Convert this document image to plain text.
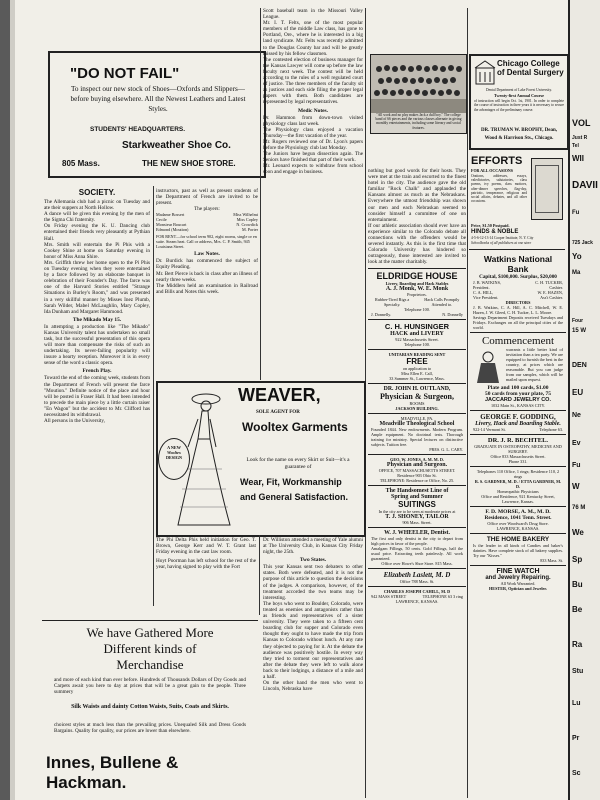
"DO NOT FAIL"
To inspect our new stock of Shoes—Oxfords and Slippers—before buying elsewhere. All the Newest Leathers and Latest Styles.
STUDENTS' HEADQUARTERS.
Starkweather Shoe Co.
805 Mass.	THE NEW SHOE STORE.
SOCIETY.

The Allemania club had a picnic on Tuesday and ate their suppers at North Hollow.

A dance will be given this evening by the men of the Sigma Chi fraternity.

On Friday evening the K. U. Dancing club entertained their friends very pleasantly at Pythian Hall.

Mrs. Smith will entertain the Pi Phis with a Cookey Shine at home on Saturday evening in honor of Miss Anna Shire.

Mrs. Griffith threw her home open to the Pi Phis on Tuesday evening when they were entertained by a farce followed by an elaborate banquet in celebration of their Founder's Day. The farce was one of the Harvard Stories entitled "Strange Situations in Burley's Room," and was presented in a very skillful manner by Misses Inez Plumb, Sarah Wilder, Mabel McLaughlin, Mary Copley, Ida Dunham and Margaret Hammond.

The Mikado May 15.

In attempting a production like "The Mikado" Kansas University talent has undertaken no small task, but the successful presentation of this opera will more than compensate the risks of such an undertaking. Its never-failing popularity will insure a hearty reception. Moreover it is in every sense of the word a classic opera.

French Play.

Toward the end of the coming week, students from the Department of French will present the farce "Moution." Definite notice of the place and hour will be posted in Fraser Hall. It had been intended to precede the main piece by a little curtain raiser "En Wagon" but the accident to Mr. Clifford has necessitated its withdrawal.

All persons in the University,

instructors, past as well as present students of the Department of French are invited to be present.

The players:

Madame Bossert	Miss Wilhelmi
Cecile	Miss Copley
Monsieur Boucart	N. Crowdick
Edmond (Moution)	M. Porter

FOR RENT—for school term 902, eight rooms, single or en suite. Steam heat. Call or address, Mrs. C. P. Smith, 945 Louisiana Street.

Law Notes.

Dr. Burdick has commenced the subject of Equity Pleading.

Mr. Bert Pierce is back in class after an illness of nearly three weeks.

The Middlers held an examination in Railroad and Bills and Notes this week.

Scott baseball team in the Missouri Valley League.

Mr. I. T. Felts, one of the most popular members of the middle Law class, has gone to Portland, Ore., where he is interested in a big land syndicate. Mr. Felts was recently admitted to the Douglas County bar and will be greatly missed by his fellow classmen.

The contested election of business manager for the Kansas Lawyer will come up before the law faculty next week. The contest will be held according to the rules of a well regulated court of justice. The three members of the faculty sit as justices and each side filing the proper legal papers with them. Both candidates are represented by legal representatives.

Medic Notes.

Dr. Hammon from down-town visited physiology class last week.

The Physiology class enjoyed a vacation Thursday—the first vacation of the year.

Mr. Rogers reviewed one of Dr. Lyon's papers before the Physiology club last Monday.

The Juniors have begun dissection again. The Seniors have finished that part of their work.

Mr. Leonard expects to withdraw from school soon and engage in business.

A NEW
Wooltex
DESIGN
WEAVER,
SOLE AGENT FOR
Wooltex Garments
Look for the name on every Skirt or Suit—it's a guarantee of
Wear, Fit, Workmanship and General Satisfaction.

The Phi Delta Phis held initiation for Geo. T. Brown, George Kerr and W. T. Grant last Friday evening in the cast law room.

Hoyt Poorman has left school for the rest of the year, having signed to play with the Fort

Dr. Williston attended a meeting of Yale alumni at The University Club, in Kansas City Friday night, the 25th.

Two States.

This year Kansas sent two debaters to other states. Both were defeated, and it is not the purpose of this article to question the decisions of the judges. A comparison, however, of the treatment accorded the two teams may be interesting.

The boys who went to Boulder, Colorado, were treated as enemies and antagonists rather than as friends and representatives of a sister university. They were taken to a fifteen cent boarding club for supper and Colorado even thought they ought to have made the trip from Kansas to Colorado without lunch. At any rate they objected to paying for it. At the debate the audience was positively hostile. In every way they tried to torment our representatives and after the debate they were left to walk alone back to their lodgings, a distance of a mile and a half.

On the other hand the men who went to Lincoln, Nebraska have

We have Gathered More
Different kinds of
Merchandise
and more of each kind than ever before. Hundreds of Thousands Dollars of Dry Goods and Carpets await you here to day at prices that will be a great gain to the people. Three summery
Silk Waists and dainty Cotton Waists, Suits, Coats and Skirts.
choicest styles at much less than the prevailing prices. Unequaled Silk and Dress Goods Bargains. Quality for quality, our prices are lower than elsewhere.
Innes, Bullene & Hackman.

nothing but good words for their hosts. They were met at the train and escorted to the finest hotel in the city. The audience gave the old familiar "Rock Chalk" and applauded the Kansans almost as much as the Nebraskans. Everywhere the utmost friendship was shown our men and each Nebraskan seemed to consider himself a committee of one on entertainment.

If our athletic association should ever have an experience similar to the Colorado debate all connections with the offenders would be severed instantly. As this is the first time that Colorado University has hindered so outrageously, those interested are invited to look at the matter charitably.

ELDRIDGE HOUSE
Livery, Boarding and Hack Stables
A. J. Monk, W. E. Monk
Proprietors.
Rubber-Tired Rigs a Specialty.
Hack Calls Promptly Attended to.
Telephone 100.
J. Donnelly.	N. Donnelly
C. H. HUNSINGER
HACK and LIVERY
922 Massachusetts Street.
Telephone 100.
UNITARIAN READING SENT
FREE
on application to
Miss Ellen E. Call,
33 Summer St., Lawrence, Mass.
DR. JOHN H. OUTLAND,
Physician & Surgeon,
ROOMS
JACKSON BUILDING.
MEADVILLE, PA.
Meadville Theological School
Founded 1844. New endowments. Modern Program. Ample equipment. No doctrinal tests. Thorough training for ministry. Special lectures on distinctive subjects. Tuition free.
PRES. G. L. CARY.
GEO. W. JONES, A. M. M. D.
Physician and Surgeon.
OFFICE, 707 MASSACHUSETTS STREET.
Residence 903 Ohio St.
TELEPHONE: Residence or Office, No. 25.
The Handsomest Line of
Spring and Summer
SUITINGS
In the city are to be seen at moderate prices at
T. J. SHONEY, TAILOR
906 Mass. Street.
W. J. WHEELER, Dentist.
The first and only dentist in the city to depart from high prices in favor of the people.
Amalgam Fillings, 50 cents. Gold Fillings, half the usual price. Extracting teeth painlessly. All work guaranteed.
Office over Howe's Shoe Store. 815 Mass.
Elizabeth Laslett, M. D
Office 788 Mass. St.
CHARLES JOSEPH CAHILL, M. D
942 MASS STREET	TELEPHONE 63 3 ring
LAWRENCE, KANSAS.
"All work and no play makes Jack a dull boy." The college band of 66 pieces and the various classes alternate in giving monthly entertainments, including some literary and social features.
Chicago College of Dental Surgery
Dental Department of Lake Forest University.
Twenty-first Annual Course
of instruction will begin Oct. 1st, 1901. In order to complete the course of instruction in three years it is necessary to secure the advantages of the preliminary course.
DR. TRUMAN W. BROPHY, Dean,
Wood & Harrison Sts., Chicago.
EFFORTS
FOR ALL OCCASIONS
Orations, addresses, essays, valedictories, salutatories, class poems, ivy poems, class mottoes, after-dinner speeches, flag-day, patriotic, temperance, religious and social affairs, debates, and all other occasions.
Price, $1.50 Postpaid.
HINDS & NOBLE
4-5-6-12-13-14 Cooper Institute, N. Y. City
Schoolbooks of all publishers at one store
Watkins National Bank
Capital, $100,000. Surplus, $20,000
J. B. WATKINS,	C. H. TUCKER,
President.	Cashier.
C. A. HILL,	W. E. HAZEN,
Vice President.	Ass't Cashier.
DIRECTORS
J. B. Watkins, C. A. Hill, A. C. Mitchell, W. E. Hazen, J. W. Gleed, C. H. Tucker, L. L. Moore.
Savings Department Deposits received Tuesdays and Fridays. Exchanges on all the principal cities of the world.
Commencement
warrants a little better kind of invitation than a tea party. We are equipped to furnish the best in the country, at prices which are reasonable. But you can judge from our samples, which will be mailed upon request.
Plate and 100 cards, $1.00
50 cards from your plate, 75
JACCARD JEWELRY CO.
1032 Main St., KANSAS CITY.
GEORGE F. GODDING,
Livery, Hack and Boarding Stable.
922-14 Vermont St.	Telephone 63.
DR. J. R. BECHTEL.
GRADUATE IN OSTEOPATHY, MEDICINE AND SURGERY.
Office 833 Massachusetts Street.
Phone 331.
Telephones 110 Office, 1 rings; Residence 110, 2 rings
R. S. GARDNER, M. D. / ETTA GARDNER, M. D.
Homeopathic Physicians
Office and Residence, 921 Kentucky Street, Lawrence, Kansas.
F. D. MORSE, A. M., M. D.
Residence, 1041 Tenn. Street.
Office over Woodward's Drug Store.
LAWRENCE, KANSAS.
THE HOME BAKERY
Is the leader in all kinds of Candies and baker's dainties. Have complete stock of all bakery supplies. Try our "Kisses."
833 Mass. St.
FINE WATCH
and Jewelry Repairing.
All Work Warranted.
HESTER, Optician and Jeweler.
VOL
Just R
Tel
WII
DAVII
Fu
725 Jack
Yo
Ma
Four
15 W
DEN
EU
Ne
Ev
Fu
W
76 M
We
Sp
Bu
Be
Ra
Stu
Lu
Pr
Sc
